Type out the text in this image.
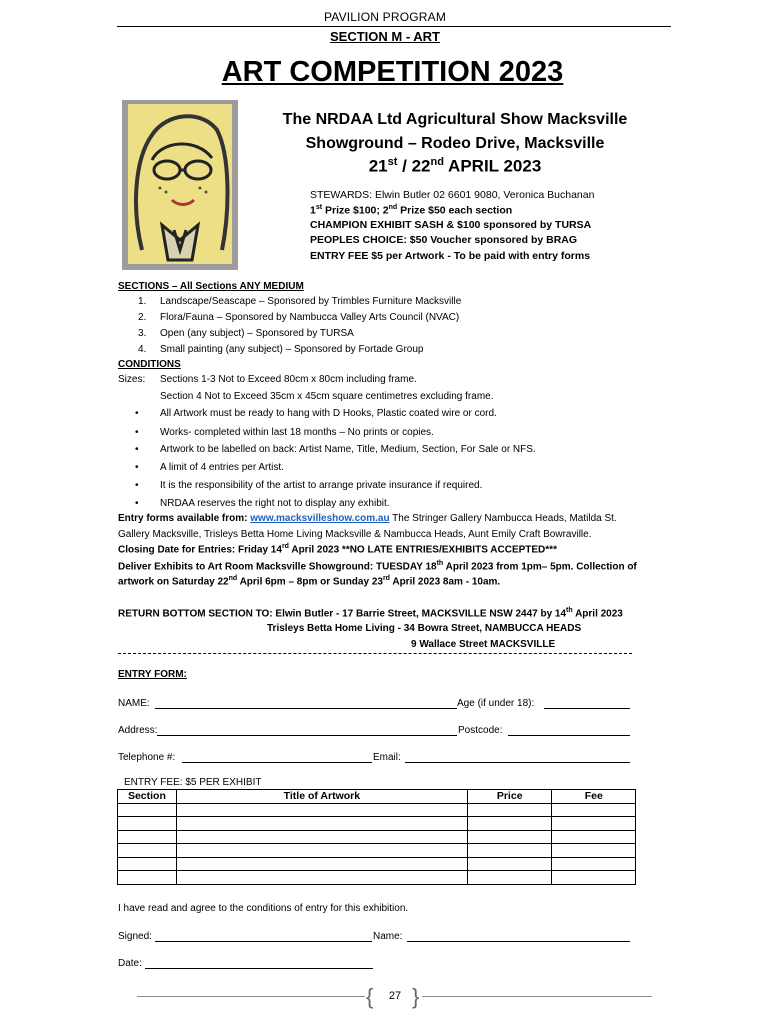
PAVILION PROGRAM
SECTION M - ART
ART COMPETITION 2023
The NRDAA Ltd Agricultural Show Macksville
Showground – Rodeo Drive, Macksville
21st / 22nd APRIL 2023
STEWARDS: Elwin Butler 02 6601 9080, Veronica Buchanan
1st Prize $100; 2nd Prize $50 each section
CHAMPION EXHIBIT SASH & $100 sponsored by TURSA
PEOPLES CHOICE: $50 Voucher sponsored by BRAG
ENTRY FEE $5 per Artwork - To be paid with entry forms
SECTIONS – All Sections ANY MEDIUM
1. Landscape/Seascape – Sponsored by Trimbles Furniture Macksville
2. Flora/Fauna – Sponsored by Nambucca Valley Arts Council (NVAC)
3. Open (any subject) – Sponsored by TURSA
4. Small painting (any subject) – Sponsored by Fortade Group
CONDITIONS
Sizes: Sections 1-3 Not to Exceed 80cm x 80cm including frame.
Section 4 Not to Exceed 35cm x 45cm square centimetres excluding frame.
• All Artwork must be ready to hang with D Hooks, Plastic coated wire or cord.
• Works- completed within last 18 months – No prints or copies.
• Artwork to be labelled on back: Artist Name, Title, Medium, Section, For Sale or NFS.
• A limit of 4 entries per Artist.
• It is the responsibility of the artist to arrange private insurance if required.
• NRDAA reserves the right not to display any exhibit.
Entry forms available from: www.macksvilleshow.com.au The Stringer Gallery Nambucca Heads, Matilda St.
Gallery Macksville, Trisleys Betta Home Living Macksville & Nambucca Heads, Aunt Emily Craft Bowraville.
Closing Date for Entries: Friday 14rd April 2023 **NO LATE ENTRIES/EXHIBITS ACCEPTED***
Deliver Exhibits to Art Room Macksville Showground: TUESDAY 18th April 2023 from 1pm– 5pm. Collection of
artwork on Saturday 22nd April 6pm – 8pm or Sunday 23rd April 2023 8am - 10am.
RETURN BOTTOM SECTION TO: Elwin Butler - 17 Barrie Street, MACKSVILLE NSW 2447 by 14th April 2023
Trisleys Betta Home Living - 34 Bowra Street, NAMBUCCA HEADS
9 Wallace Street MACKSVILLE
ENTRY FORM:
NAME:	Age (if under 18):
Address:	Postcode:
Telephone #:	Email:
ENTRY FEE: $5 PER EXHIBIT
Section	Title of Artwork	Price	Fee

I have read and agree to the conditions of entry for this exhibition.
Signed:	Name:
Date:
{ }
27
